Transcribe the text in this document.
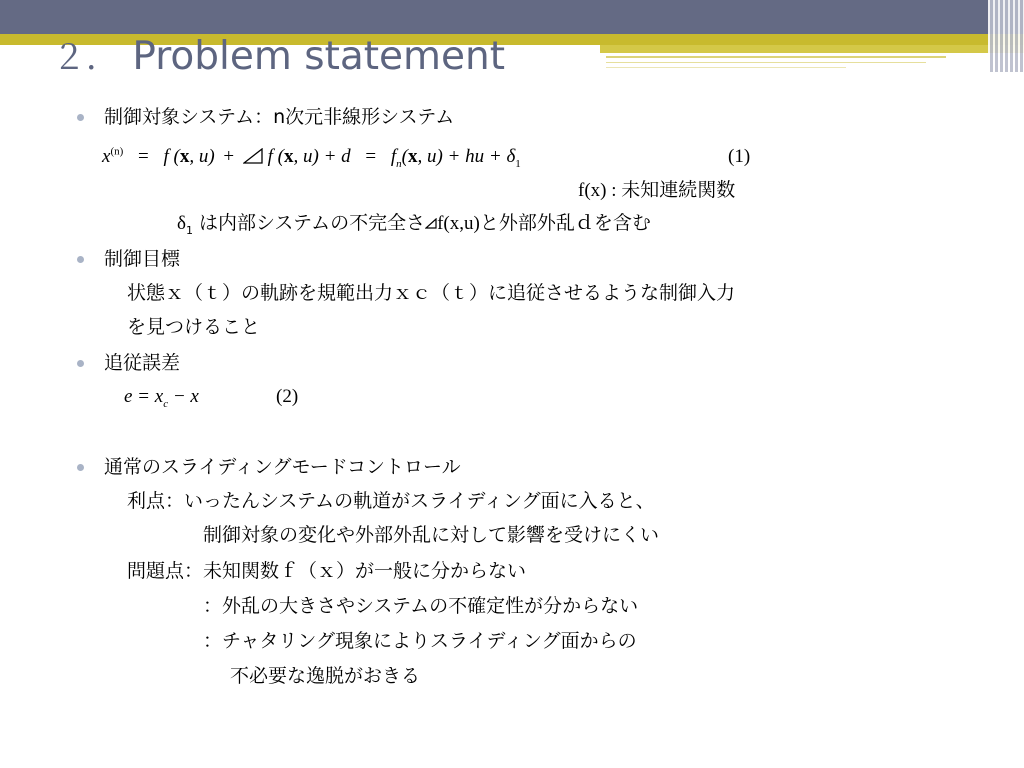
２． Problem statement
制御対象システム：n次元非線形システム
$x^{(n)} = f$ (x, u) + f (x, $u) + d = f_n(x$, u) + hu + $\delta_1$	(1)
f(x) : 未知連続関数
$\delta_1$ は内部システムの不完全さ f(x,u)と外部外乱ｄを含む
制御目標
状態ｘ（ｔ）の軌跡を規範出力ｘｃ（ｔ）に追従させるような制御入力
を見つけること
追従誤差
$e = x_c - x$	(2)
通常のスライディングモードコントロール
利点：いったんシステムの軌道がスライディング面に入ると、
制御対象の変化や外部外乱に対して影響を受けにくい
問題点：未知関数ｆ（ｘ）が一般に分からない
：外乱の大きさやシステムの不確定性が分からない
：チャタリング現象によりスライディング面からの
不必要な逸脱がおきる
